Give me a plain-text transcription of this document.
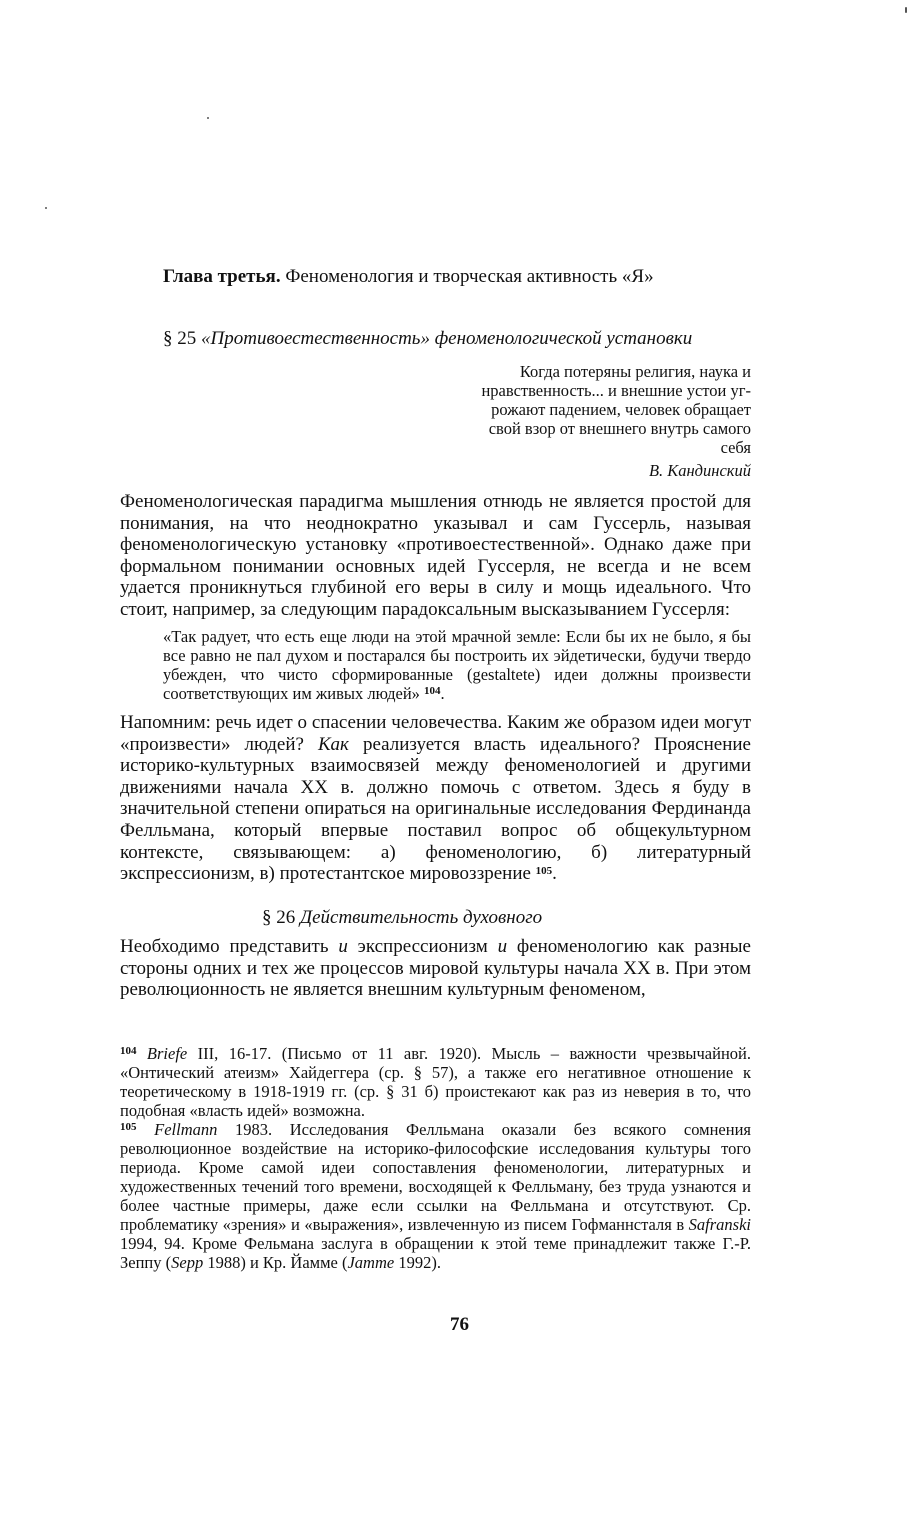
Глава третья. Феноменология и творческая активность «Я»
§ 25 «Противоестественность» феноменологической установки
Когда потеряны религия, наука и
нравственность... и внешние устои уг-
рожают падением, человек обращает
свой взор от внешнего внутрь самого
себя
В. Кандинский

Феноменологическая парадигма мышления отнюдь не является простой для понимания, на что неоднократно указывал и сам Гуссерль, называя феноменологическую установку «противоестественной». Однако даже при формальном понимании основных идей Гуссерля, не всегда и не всем удается проникнуться глубиной его веры в силу и мощь идеального. Что стоит, например, за следующим парадоксальным высказыванием Гуссерля:

«Так радует, что есть еще люди на этой мрачной земле: Если бы их не было, я бы все равно не пал духом и постарался бы построить их эйдетически, будучи твердо убежден, что чисто сформированные (gestaltete) идеи должны произвести соответствующих им живых людей» $^{104}$.

Напомним: речь идет о спасении человечества. Каким же образом идеи могут «произвести» людей? Как реализуется власть идеального? Прояснение историко-культурных взаимосвязей между феноменологией и другими движениями начала XX в. должно помочь с ответом. Здесь я буду в значительной степени опираться на оригинальные исследования Фердинанда Фелльмана, который впервые поставил вопрос об общекультурном контексте, связывающем: а) феноменологию, б) литературный экспрессионизм, в) протестантское мировоззрение $^{105}$.

§ 26 Действительность духовного

Необходимо представить и экспрессионизм и феноменологию как разные стороны одних и тех же процессов мировой культуры начала XX в. При этом революционность не является внешним культурным феноменом,

$^{104}$ Briefe III, 16-17. (Письмо от 11 авг. 1920). Мысль – важности чрезвычайной. «Онтический атеизм» Хайдеггера (ср. § 57), а также его негативное отношение к теоретическому в 1918-1919 гг. (ср. § 31 б) проистекают как раз из неверия в то, что подобная «власть идей» возможна.

$^{105}$ Fellmann 1983. Исследования Фелльмана оказали без всякого сомнения революционное воздействие на историко-философские исследования культуры того периода. Кроме самой идеи сопоставления феноменологии, литературных и художественных течений того времени, восходящей к Фелльману, без труда узнаются и более частные примеры, даже если ссылки на Фелльмана и отсутствуют. Ср. проблематику «зрения» и «выражения», извлеченную из писем Гофманнсталя в Safranski 1994, 94. Кроме Фельмана заслуга в обращении к этой теме принадлежит также Г.-Р. Зеппу (Sepp 1988) и Кр. Йамме (Jamme 1992).

76
